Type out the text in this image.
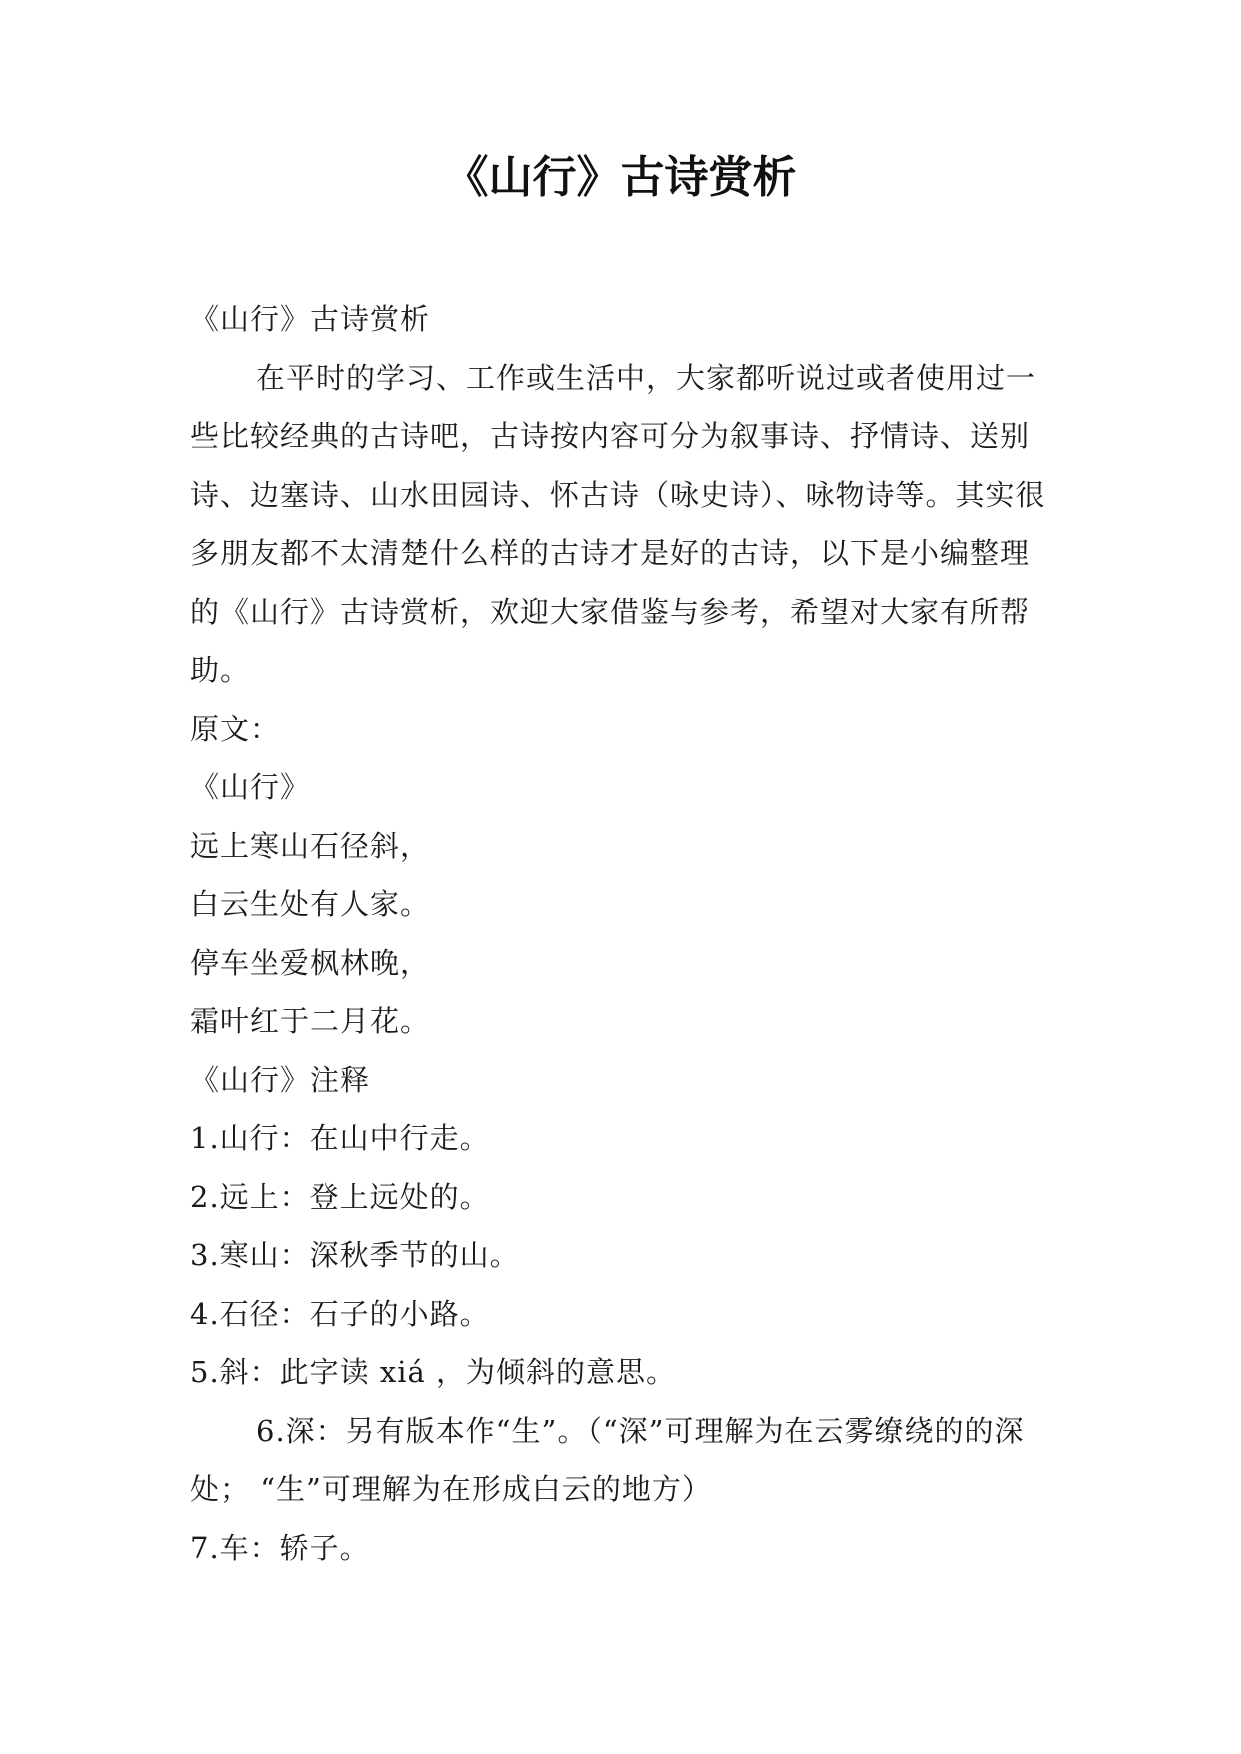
《山行》古诗赏析

《山行》古诗赏析

在平时的学习、工作或生活中，大家都听说过或者使用过一些比较经典的古诗吧，古诗按内容可分为叙事诗、抒情诗、送别诗、边塞诗、山水田园诗、怀古诗（咏史诗）、咏物诗等。其实很多朋友都不太清楚什么样的古诗才是好的古诗，以下是小编整理的《山行》古诗赏析，欢迎大家借鉴与参考，希望对大家有所帮助。

原文：

《山行》

远上寒山石径斜，

白云生处有人家。

停车坐爱枫林晚，

霜叶红于二月花。

《山行》注释

1.山行：在山中行走。

2.远上：登上远处的。

3.寒山：深秋季节的山。

4.石径：石子的小路。

5.斜：此字读 xiá ，为倾斜的意思。

6.深：另有版本作“生”。（“深”可理解为在云雾缭绕的的深处； “生”可理解为在形成白云的地方）

7.车：轿子。
